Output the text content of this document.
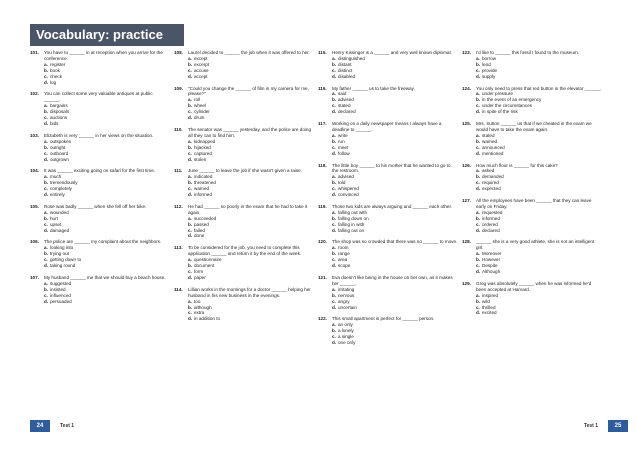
Vocabulary: practice
101.	You have to ______ in at reception when you arrive for the conference.
a. register
b. book
c. check
d. log
102.	You can collect some very valuable antiques at public ______.
a. bargains
b. disposals
c. auctions
d. bids
103.	Elizabeth is very ______ in her views on the situation.
a. outspoken
b. outright
c. outboard
d. outgrown
104.	It was ______ exciting going on safari for the first time.
a. much
b. tremendously
c. completely
d. entirely
105.	Rose was badly ______ when she fell off her bike.
a. wounded
b. hurt
c. upset
d. damaged
106.	The police are ______ my complaint about the neighbors.
a. looking into
b. trying out
c. getting down to
d. taking round
107.	My husband ______ me that we should buy a beach house.
a. suggested
b. insisted
c. influenced
d. persuaded
108.	Laurel decided to ______ the job when it was offered to her.
a. except
b. excerpt
c. accuse
d. accept
109.	"Could you change the ______ of film in my camera for me, please?"
a. roll
b. wheel
c. cylinder
d. drum
110.	The senator was ______ yesterday, and the police are doing all they can to find him.
a. kidnapped
b. hijacked
c. captured
d. stolen
111.	June ______ to leave the job if she wasn't given a raise.
a. indicated
b. threatened
c. warned
d. informed
112.	He had ______ so poorly in the exam that he had to take it again.
a. succeeded
b. passed
c. failed
d. done
113.	To be considered for the job, you need to complete this application ______ and return it by the end of the week.
a. questionnaire
b. document
c. form
d. paper
114.	Lillian works in the mornings for a doctor ______ helping her husband in his new business in the evenings.
a. too
b. although
c. extra
d. in addition to
115.	Henry Kissinger is a ______ and very well known diplomat.
a. distinguished
b. distant
c. distinct
d. disabled
116.	My father ______ us to take the freeway.
a. said
b. advised
c. stated
d. declared
117.	Working on a daily newspaper means I always have a deadline to ______.
a. write
b. run
c. meet
d. follow
118.	The little boy ______ to his mother that he wanted to go to the restroom.
a. advised
b. told
c. whispered
d. convinced
119.	Those two kids are always arguing and ______ each other.
a. falling out with
b. falling down on
c. falling in with
d. falling out on
120.	The shop was so crowded that there was no ______ to move.
a. room
b. range
c. area
d. scope
121.	Eva doesn't like being in the house on her own, as it makes her ______.
a. irritating
b. nervous
c. angry
d. uncertain
122.	This small apartment is perfect for ______ person.
a. an only
b. a lonely
c. a single
d. one only
123.	I'd like to ______ this fossil I found to the museum.
a. borrow
b. lend
c. provide
d. supply
124.	You only need to press that red button in the elevator ______.
a. under pressure
b. in the event of an emergency
c. under the circumstances
d. in spite of the risk
125.	Mrs. Sutton ______ us that if we cheated in the exam we would have to take the exam again.
a. stated
b. warned
c. announced
d. mentioned
126.	How much flour is ______ for this cake?
a. asked
b. demanded
c. required
d. expected
127.	All the employees have been ______ that they can leave early on Friday.
a. requested
b. informed
c. ordered
d. declared
128.	______ she is a very good athlete, she is not an intelligent girl.
a. Moreover
b. However
c. Despite
d. Although
129.	Greg was absolutely ______ when he was informed he'd been accepted at Harvard.
a. inspired
b. wild
c. thrilled
d. excited
24	Test 1	Test 1	25
